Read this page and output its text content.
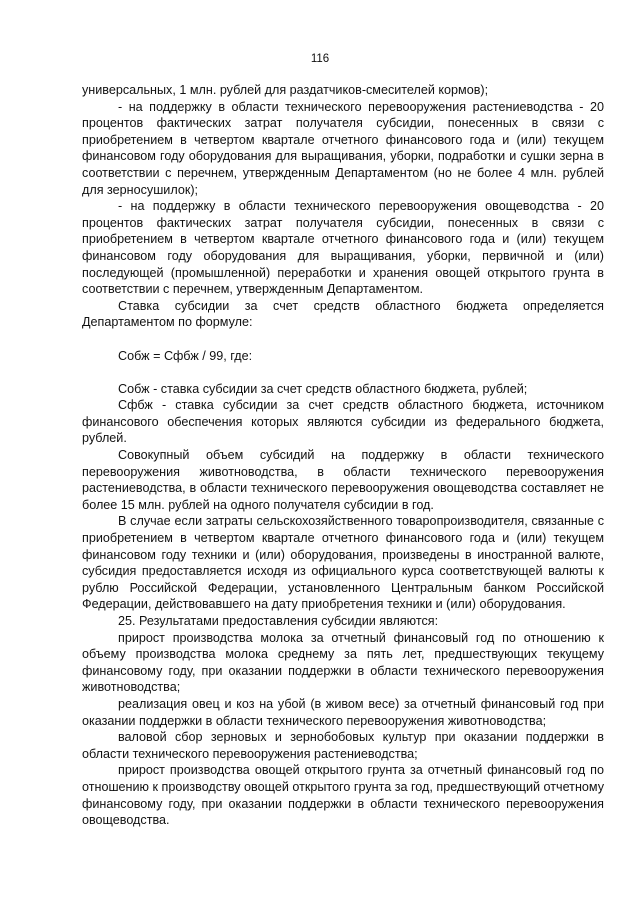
116

универсальных, 1 млн. рублей для раздатчиков-смесителей кормов);

- на поддержку в области технического перевооружения растениеводства - 20 процентов фактических затрат получателя субсидии, понесенных в связи с приобретением в четвертом квартале отчетного финансового года и (или) текущем финансовом году оборудования для выращивания, уборки, подработки и сушки зерна в соответствии с перечнем, утвержденным Департаментом (но не более 4 млн. рублей для зерносушилок);

- на поддержку в области технического перевооружения овощеводства - 20 процентов фактических затрат получателя субсидии, понесенных в связи с приобретением в четвертом квартале отчетного финансового года и (или) текущем финансовом году оборудования для выращивания, уборки, первичной и (или) последующей (промышленной) переработки и хранения овощей открытого грунта в соответствии с перечнем, утвержденным Департаментом.

Ставка субсидии за счет средств областного бюджета определяется Департаментом по формуле:

Собж = Сфбж / 99, где:

Собж - ставка субсидии за счет средств областного бюджета, рублей;

Сфбж - ставка субсидии за счет средств областного бюджета, источником финансового обеспечения которых являются субсидии из федерального бюджета, рублей.

Совокупный объем субсидий на поддержку в области технического перевооружения животноводства, в области технического перевооружения растениеводства, в области технического перевооружения овощеводства составляет не более 15 млн. рублей на одного получателя субсидии в год.

В случае если затраты сельскохозяйственного товаропроизводителя, связанные с приобретением в четвертом квартале отчетного финансового года и (или) текущем финансовом году техники и (или) оборудования, произведены в иностранной валюте, субсидия предоставляется исходя из официального курса соответствующей валюты к рублю Российской Федерации, установленного Центральным банком Российской Федерации, действовавшего на дату приобретения техники и (или) оборудования.

25. Результатами предоставления субсидии являются:

прирост производства молока за отчетный финансовый год по отношению к объему производства молока среднему за пять лет, предшествующих текущему финансовому году, при оказании поддержки в области технического перевооружения животноводства;

реализация овец и коз на убой (в живом весе) за отчетный финансовый год при оказании поддержки в области технического перевооружения животноводства;

валовой сбор зерновых и зернобобовых культур при оказании поддержки в области технического перевооружения растениеводства;

прирост производства овощей открытого грунта за отчетный финансовый год по отношению к производству овощей открытого грунта за год, предшествующий отчетному финансовому году, при оказании поддержки в области технического перевооружения овощеводства.
